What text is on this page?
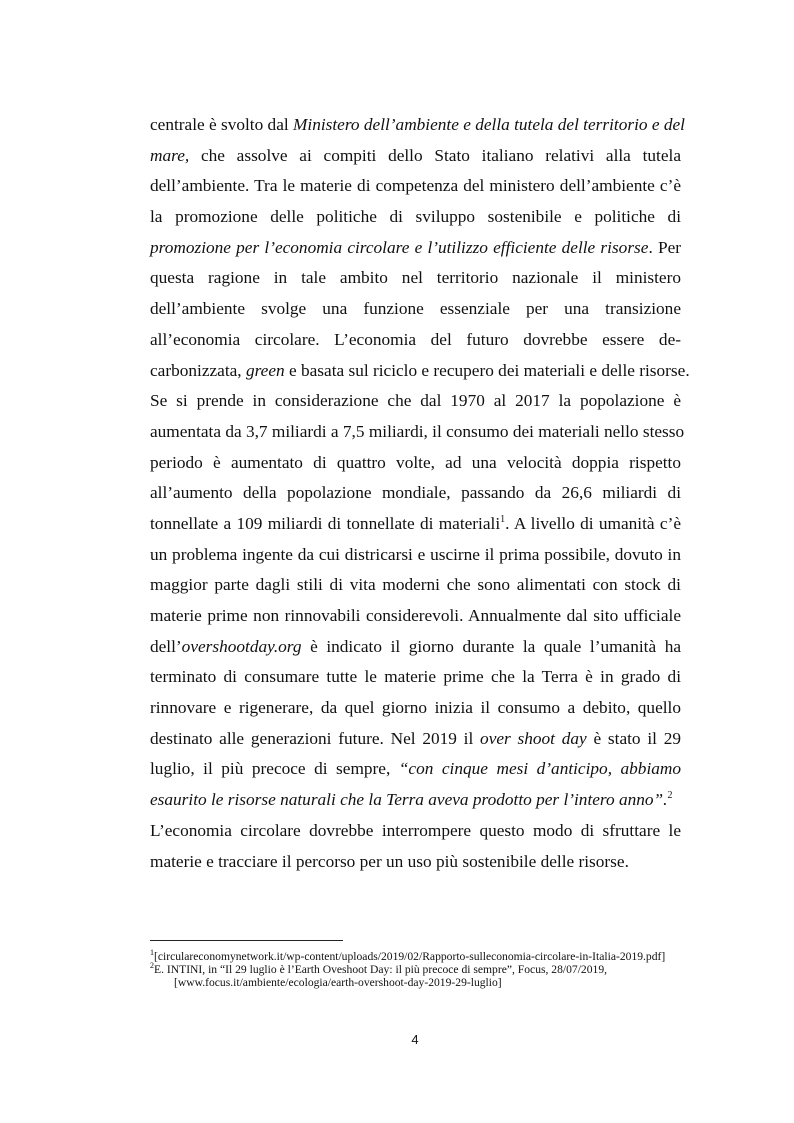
centrale è svolto dal Ministero dell’ambiente e della tutela del territorio e del
mare, che assolve ai compiti dello Stato italiano relativi alla tutela
dell’ambiente. Tra le materie di competenza del ministero dell’ambiente c’è
la promozione delle politiche di sviluppo sostenibile e politiche di
promozione per l’economia circolare e l’utilizzo efficiente delle risorse. Per
questa ragione in tale ambito nel territorio nazionale il ministero
dell’ambiente svolge una funzione essenziale per una transizione
all’economia circolare. L’economia del futuro dovrebbe essere de-
carbonizzata, green e basata sul riciclo e recupero dei materiali e delle risorse.
Se si prende in considerazione che dal 1970 al 2017 la popolazione è
aumentata da 3,7 miliardi a 7,5 miliardi, il consumo dei materiali nello stesso
periodo è aumentato di quattro volte, ad una velocità doppia rispetto
all’aumento della popolazione mondiale, passando da 26,6 miliardi di
tonnellate a 109 miliardi di tonnellate di materiali$^1$. A livello di umanità c’è
un problema ingente da cui districarsi e uscirne il prima possibile, dovuto in
maggior parte dagli stili di vita moderni che sono alimentati con stock di
materie prime non rinnovabili considerevoli. Annualmente dal sito ufficiale
dell’overshootday.org è indicato il giorno durante la quale l’umanità ha
terminato di consumare tutte le materie prime che la Terra è in grado di
rinnovare e rigenerare, da quel giorno inizia il consumo a debito, quello
destinato alle generazioni future. Nel 2019 il over shoot day è stato il 29
luglio, il più precoce di sempre, “con cinque mesi d’anticipo, abbiamo
esaurito le risorse naturali che la Terra aveva prodotto per l’intero anno”.$^2$
L’economia circolare dovrebbe interrompere questo modo di sfruttare le
materie e tracciare il percorso per un uso più sostenibile delle risorse.

$^1$[circulareconomynetwork.it/wp-content/uploads/2019/02/Rapporto-sulleconomia-circolare-in-Italia-2019.pdf]

$^2$E. INTINI, in “Il 29 luglio è l’Earth Oveshoot Day: il più precoce di sempre”, Focus, 28/07/2019, [www.focus.it/ambiente/ecologia/earth-overshoot-day-2019-29-luglio]

4
